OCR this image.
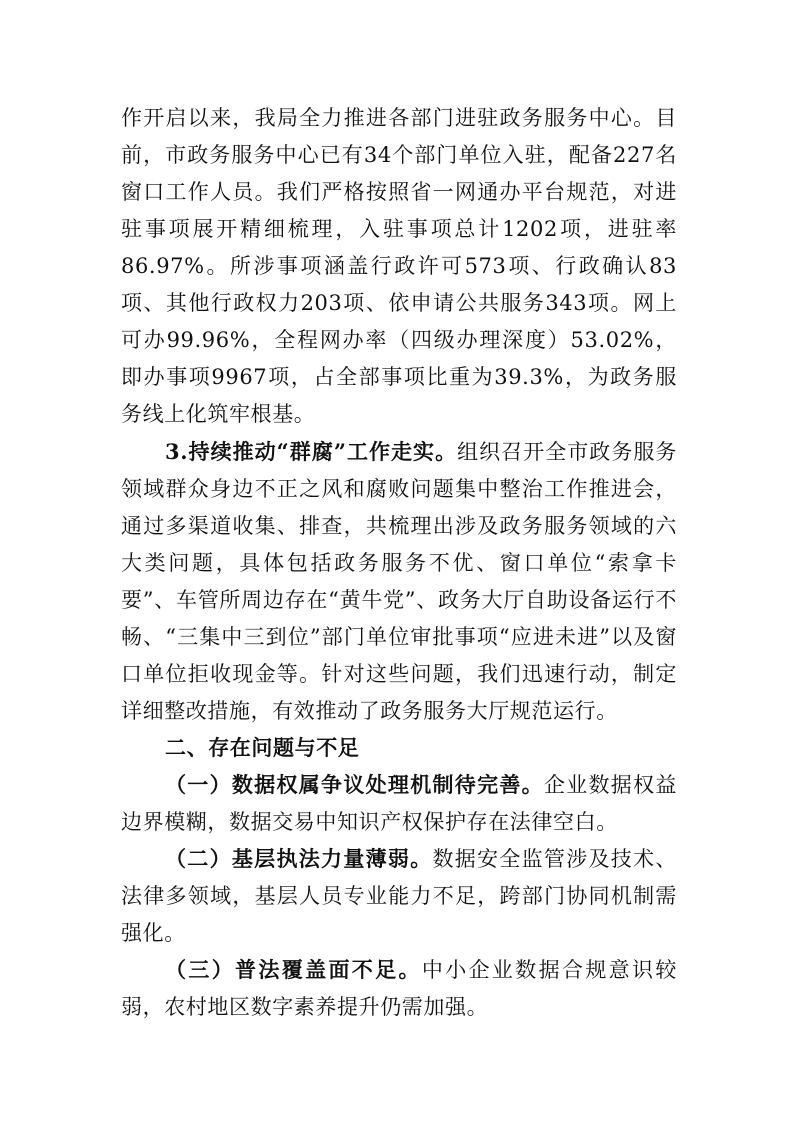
作开启以来，我局全力推进各部门进驻政务服务中心。目前，市政务服务中心已有34个部门单位入驻，配备227名窗口工作人员。我们严格按照省一网通办平台规范，对进驻事项展开精细梳理，入驻事项总计1202项，进驻率86.97%。所涉事项涵盖行政许可573项、行政确认83项、其他行政权力203项、依申请公共服务343项。网上可办99.96%，全程网办率（四级办理深度）53.02%，即办事项9967项，占全部事项比重为39.3%，为政务服务线上化筑牢根基。

3.持续推动“群腐”工作走实。组织召开全市政务服务领域群众身边不正之风和腐败问题集中整治工作推进会，通过多渠道收集、排查，共梳理出涉及政务服务领域的六大类问题，具体包括政务服务不优、窗口单位“索拿卡要”、车管所周边存在“黄牛党”、政务大厅自助设备运行不畅、“三集中三到位”部门单位审批事项“应进未进”以及窗口单位拒收现金等。针对这些问题，我们迅速行动，制定详细整改措施，有效推动了政务服务大厅规范运行。

二、存在问题与不足

（一）数据权属争议处理机制待完善。企业数据权益边界模糊，数据交易中知识产权保护存在法律空白。

（二）基层执法力量薄弱。数据安全监管涉及技术、法律多领域，基层人员专业能力不足，跨部门协同机制需强化。

（三）普法覆盖面不足。中小企业数据合规意识较弱，农村地区数字素养提升仍需加强。
